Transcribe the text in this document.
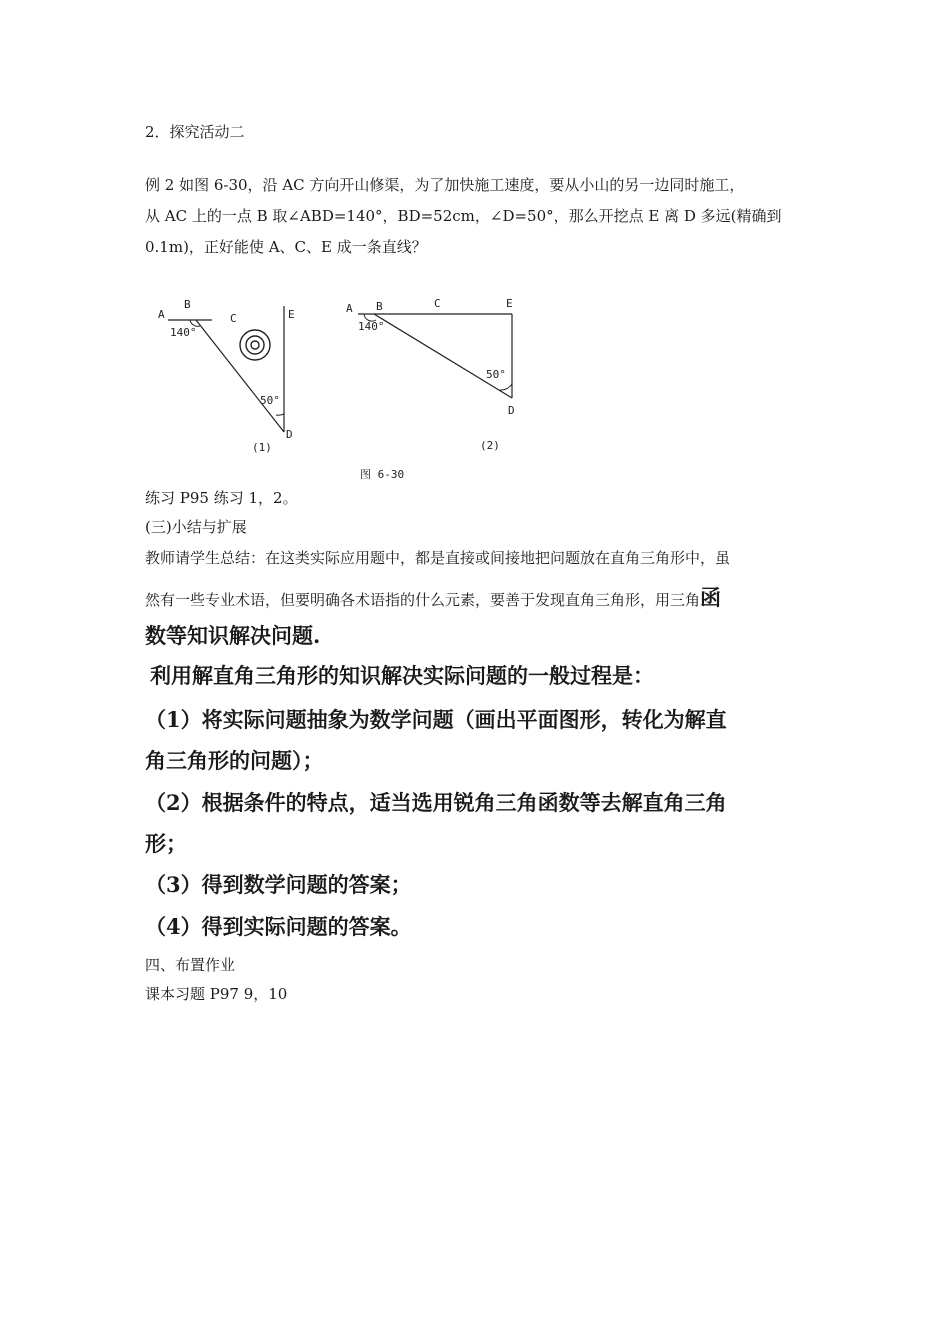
2．探究活动二
例 2 如图 6-30，沿 AC 方向开山修渠，为了加快施工速度，要从小山的另一边同时施工，
从 AC 上的一点 B 取∠ABD=140°，BD=52cm，∠D=50°，那么开挖点 E 离 D 多远(精确到
0.1m)，正好能使 A、C、E 成一条直线？
A
B
C	E
D
140°
50°
(1)
A B	C	E
D
140°
50°
(2)
图 6-30
练习 P95 练习 1，2。
(三)小结与扩展
教师请学生总结：在这类实际应用题中，都是直接或间接地把问题放在直角三角形中，虽
然有一些专业术语，但要明确各术语指的什么元素，要善于发现直角三角形，用三角函
数等知识解决问题.
利用解直角三角形的知识解决实际问题的一般过程是：
（1）将实际问题抽象为数学问题（画出平面图形，转化为解直
角三角形的问题）；
（2）根据条件的特点，适当选用锐角三角函数等去解直角三角
形；
（3）得到数学问题的答案；
（4）得到实际问题的答案。
四、布置作业
课本习题 P97 9，10
